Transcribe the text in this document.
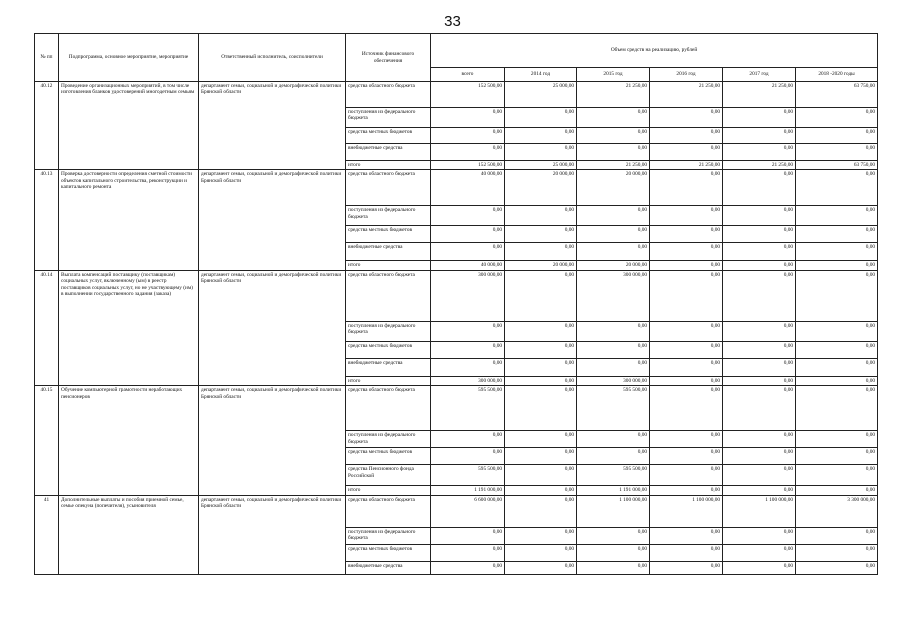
33
№ пп	Подпрограмма, основное мероприятие, мероприятие	Ответственный исполнитель, соисполнители	Источник финансового обеспечения	Объем средств на реализацию, рублей					
				всего	2014 год	2015 год	2016 год	2017 год	2018 -2020 годы
40.12	Проведение организационных мероприятий, в том числе изготовления бланков удостоверений многодетным семьям	департамент семьи, социальной и демографической политики Брянской области	средства областного бюджета	152 500,00	25 000,00	21 250,00	21 250,00	21 250,00	63 750,00
			поступления из федерального бюджета	0,00	0,00	0,00	0,00	0,00	0,00
			средства местных бюджетов	0,00	0,00	0,00	0,00	0,00	0,00
			внебюджетные средства	0,00	0,00	0,00	0,00	0,00	0,00
			итого	152 500,00	25 000,00	21 250,00	21 250,00	21 250,00	63 750,00
40.13	Проверка достоверности определения сметной стоимости объектов капитального строительства, реконструкции и капитального ремонта	департамент семьи, социальной и демографической политики Брянской области	средства областного бюджета	40 000,00	20 000,00	20 000,00	0,00	0,00	0,00
			поступления из федерального бюджета	0,00	0,00	0,00	0,00	0,00	0,00
			средства местных бюджетов	0,00	0,00	0,00	0,00	0,00	0,00
			внебюджетные средства	0,00	0,00	0,00	0,00	0,00	0,00
			итого	40 000,00	20 000,00	20 000,00	0,00	0,00	0,00
40.14	Выплата компенсаций поставщику (поставщикам) социальных услуг, включенному (ым) в реестр поставщиков социальных услуг, но не участвующему (им) в выполнении государственного задания (заказа)	департамент семьи, социальной и демографической политики Брянской области	средства областного бюджета	300 000,00	0,00	300 000,00	0,00	0,00	0,00
			поступления из федерального бюджета	0,00	0,00	0,00	0,00	0,00	0,00
			средства местных бюджетов	0,00	0,00	0,00	0,00	0,00	0,00
			внебюджетные средства	0,00	0,00	0,00	0,00	0,00	0,00
			итого	300 000,00	0,00	300 000,00	0,00	0,00	0,00
40.15	Обучение компьютерной грамотности неработающих пенсионеров	департамент семьи, социальной и демографической политики Брянской области	средства областного бюджета	595 500,00	0,00	595 500,00	0,00	0,00	0,00
			поступления из федерального бюджета	0,00	0,00	0,00	0,00	0,00	0,00
			средства местных бюджетов	0,00	0,00	0,00	0,00	0,00	0,00
			средства Пенсионного фонда Российской	595 500,00	0,00	595 500,00	0,00	0,00	0,00
			итого	1 191 000,00	0,00	1 191 000,00	0,00	0,00	0,00
41	Дополнительные выплаты и пособия приемной семье, семье опекуна (попечителя), усыновителя	департамент семьи, социальной и демографической политики Брянской области	средства областного бюджета	6 600 000,00	0,00	1 100 000,00	1 100 000,00	1 100 000,00	3 300 000,00
			поступления из федерального бюджета	0,00	0,00	0,00	0,00	0,00	0,00
			средства местных бюджетов	0,00	0,00	0,00	0,00	0,00	0,00
			внебюджетные средства	0,00	0,00	0,00	0,00	0,00	0,00
